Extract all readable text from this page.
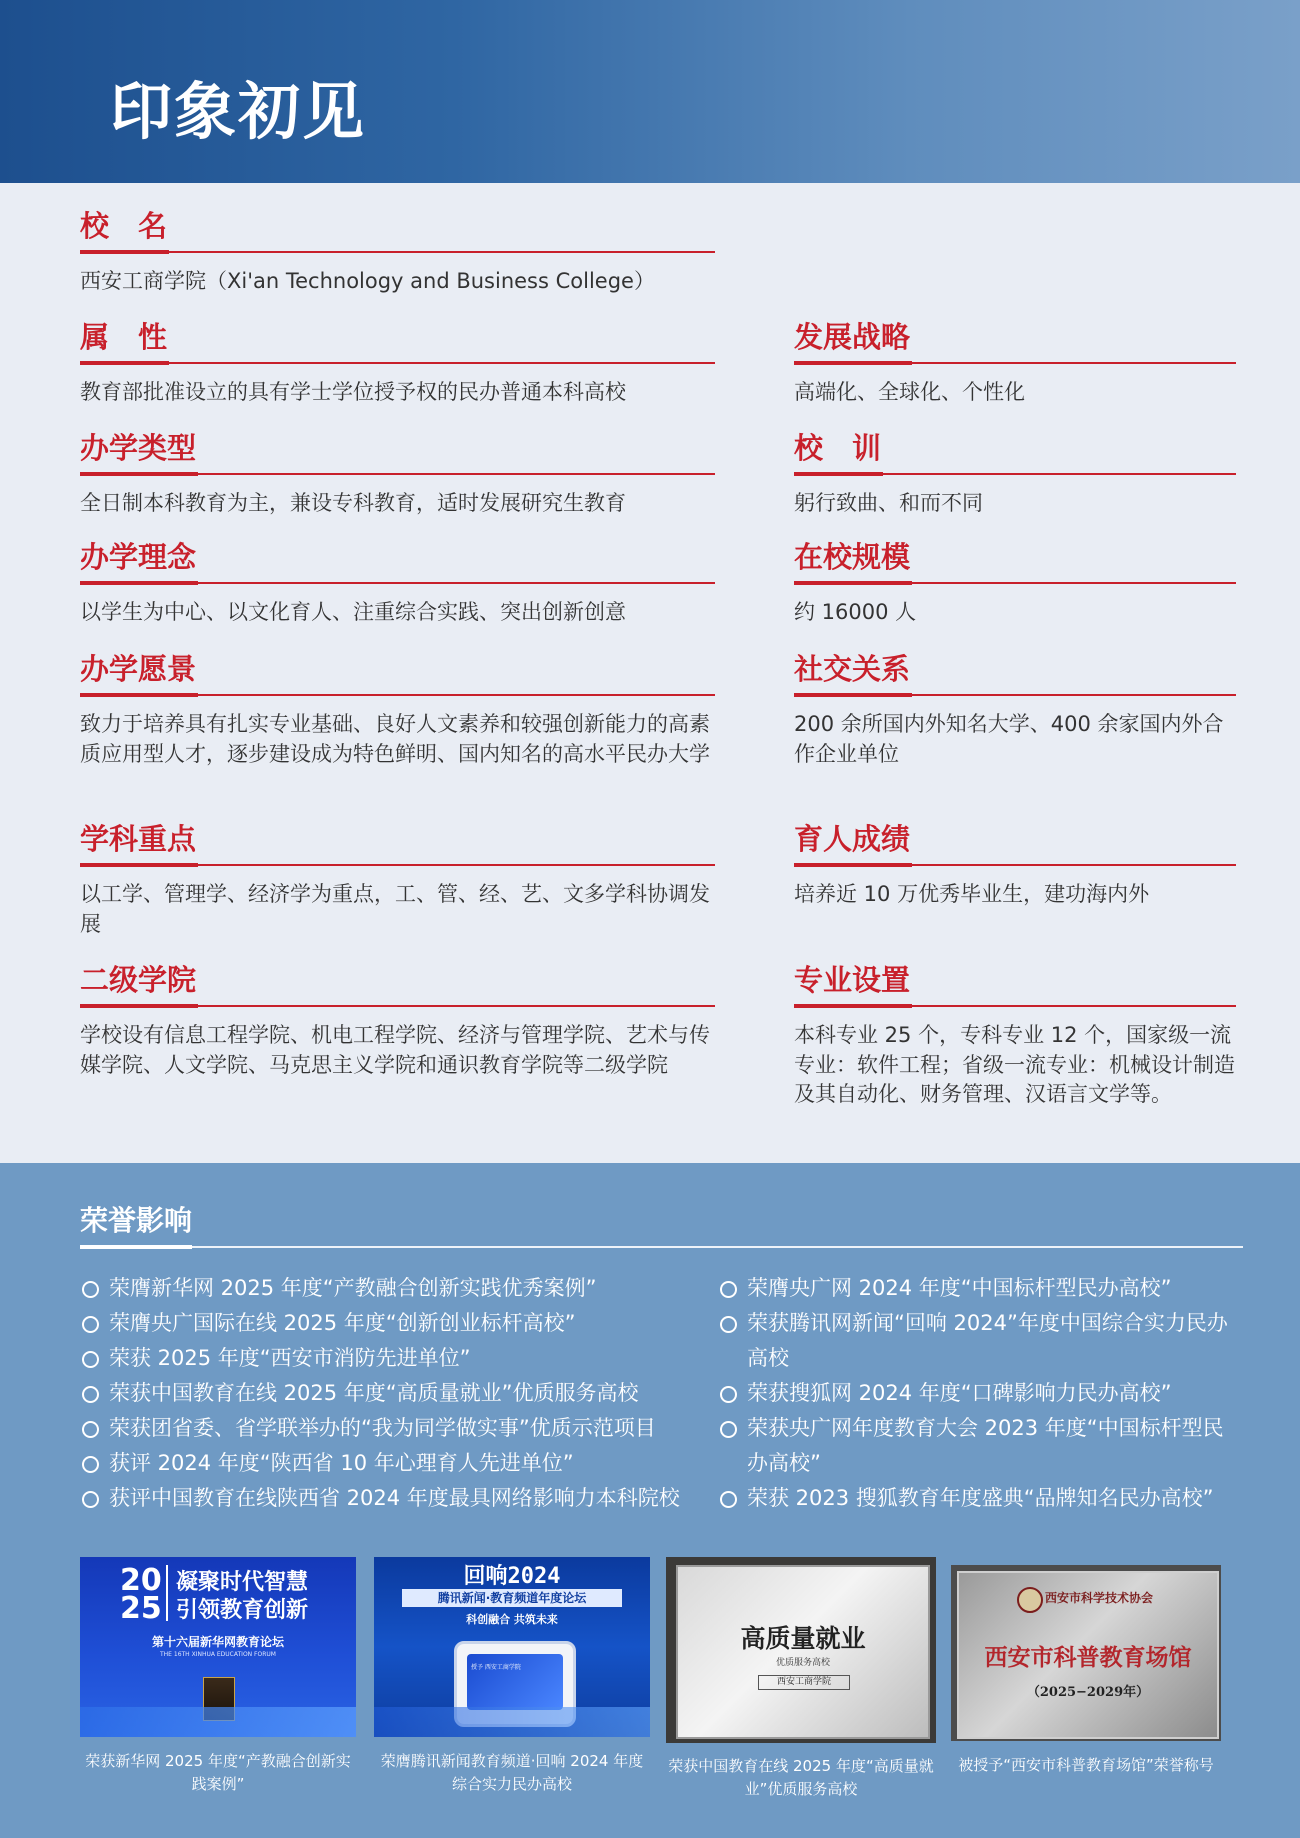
印象初见
校　名
西安工商学院（Xi'an Technology and Business College）
属　性
教育部批准设立的具有学士学位授予权的民办普通本科高校
办学类型
全日制本科教育为主，兼设专科教育，适时发展研究生教育
办学理念
以学生为中心、以文化育人、注重综合实践、突出创新创意
办学愿景
致力于培养具有扎实专业基础、良好人文素养和较强创新能力的高素质应用型人才，逐步建设成为特色鲜明、国内知名的高水平民办大学
学科重点
以工学、管理学、经济学为重点，工、管、经、艺、文多学科协调发展
二级学院
学校设有信息工程学院、机电工程学院、经济与管理学院、艺术与传媒学院、人文学院、马克思主义学院和通识教育学院等二级学院
发展战略
高端化、全球化、个性化
校　训
躬行致曲、和而不同
在校规模
约 16000 人
社交关系
200 余所国内外知名大学、400 余家国内外合作企业单位
育人成绩
培养近 10 万优秀毕业生，建功海内外
专业设置
本科专业 25 个，专科专业 12 个，国家级一流专业：软件工程；省级一流专业：机械设计制造及其自动化、财务管理、汉语言文学等。
荣誉影响
荣膺新华网 2025 年度“产教融合创新实践优秀案例”
荣膺央广国际在线 2025 年度“创新创业标杆高校”
荣获 2025 年度“西安市消防先进单位”
荣获中国教育在线 2025 年度“高质量就业”优质服务高校
荣获团省委、省学联举办的“我为同学做实事”优质示范项目
获评 2024 年度“陕西省 10 年心理育人先进单位”
获评中国教育在线陕西省 2024 年度最具网络影响力本科院校
荣膺央广网 2024 年度“中国标杆型民办高校”
荣获腾讯网新闻“回响 2024”年度中国综合实力民办高校
荣获搜狐网 2024 年度“口碑影响力民办高校”
荣获央广网年度教育大会 2023 年度“中国标杆型民办高校”
荣获 2023 搜狐教育年度盛典“品牌知名民办高校”
20
25
凝聚时代智慧
引领教育创新
第十六届新华网教育论坛
THE 16TH XINHUA EDUCATION FORUM
荣获新华网 2025 年度“产教融合创新实践案例”
回响2024
腾讯新闻·教育频道年度论坛
科创融合 共筑未来
授予 西安工商学院
荣膺腾讯新闻教育频道·回响 2024 年度综合实力民办高校
高质量就业
优质服务高校
西安工商学院
荣获中国教育在线 2025 年度“高质量就业”优质服务高校
西安市科学技术协会
西安市科普教育场馆
（2025−2029年）
被授予“西安市科普教育场馆”荣誉称号
